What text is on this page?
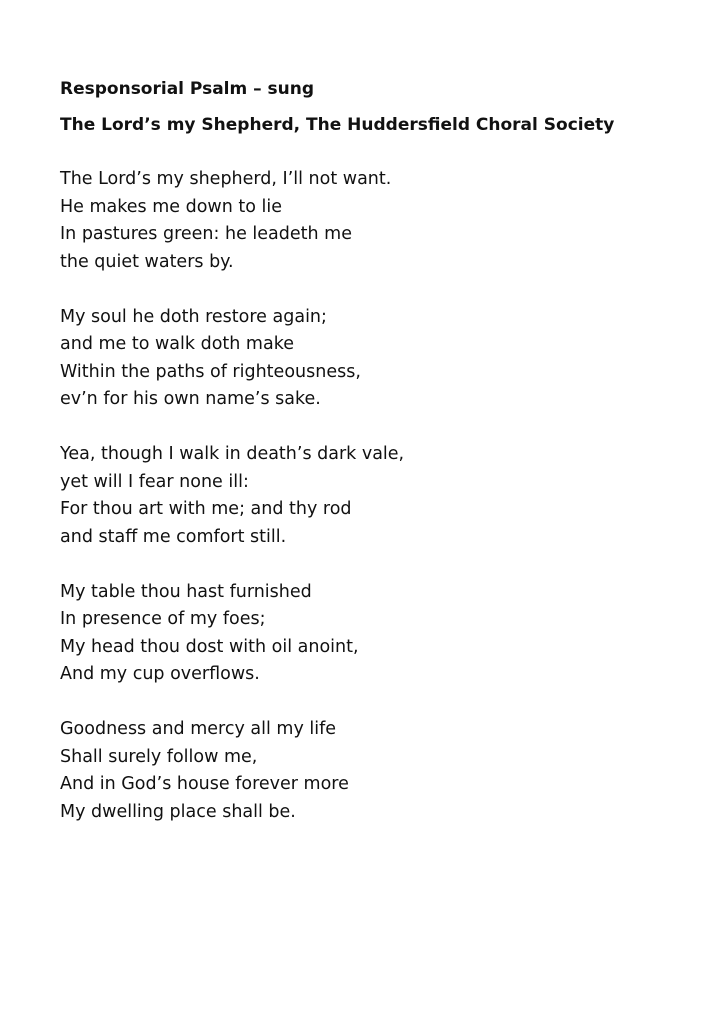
Responsorial Psalm – sung

The Lord’s my Shepherd, The Huddersfield Choral Society

The Lord’s my shepherd, I’ll not want.
He makes me down to lie
In pastures green: he leadeth me
the quiet waters by.
My soul he doth restore again;
and me to walk doth make
Within the paths of righteousness,
ev’n for his own name’s sake.
Yea, though I walk in death’s dark vale,
yet will I fear none ill:
For thou art with me; and thy rod
and staff me comfort still.
My table thou hast furnished
In presence of my foes;
My head thou dost with oil anoint,
And my cup overflows.
Goodness and mercy all my life
Shall surely follow me,
And in God’s house forever more
My dwelling place shall be.
